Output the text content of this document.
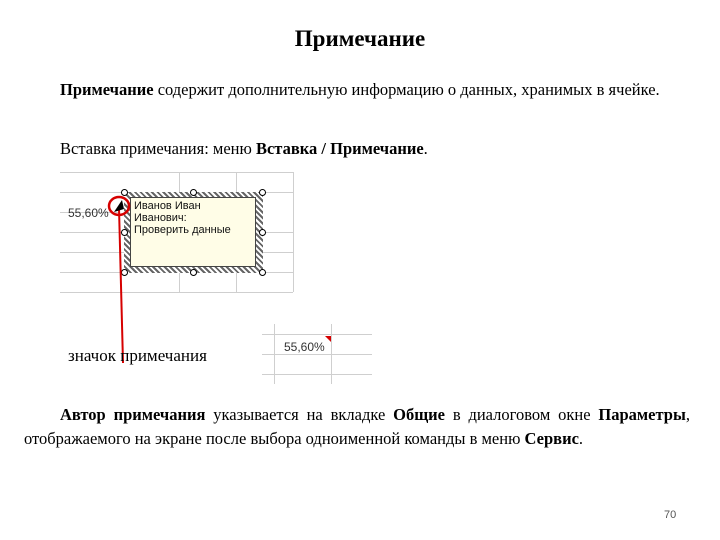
Примечание
Примечание содержит дополнительную информацию о данных, хранимых в ячейке.
Вставка примечания: меню Вставка / Примечание.
55,60% Иванов Иван
Иванович:
Проверить данные
55,60%
значок примечания
Автор примечания указывается на вкладке Общие в диалоговом окне Параметры, отображаемого на экране после выбора одноименной команды в меню Сервис.
70
